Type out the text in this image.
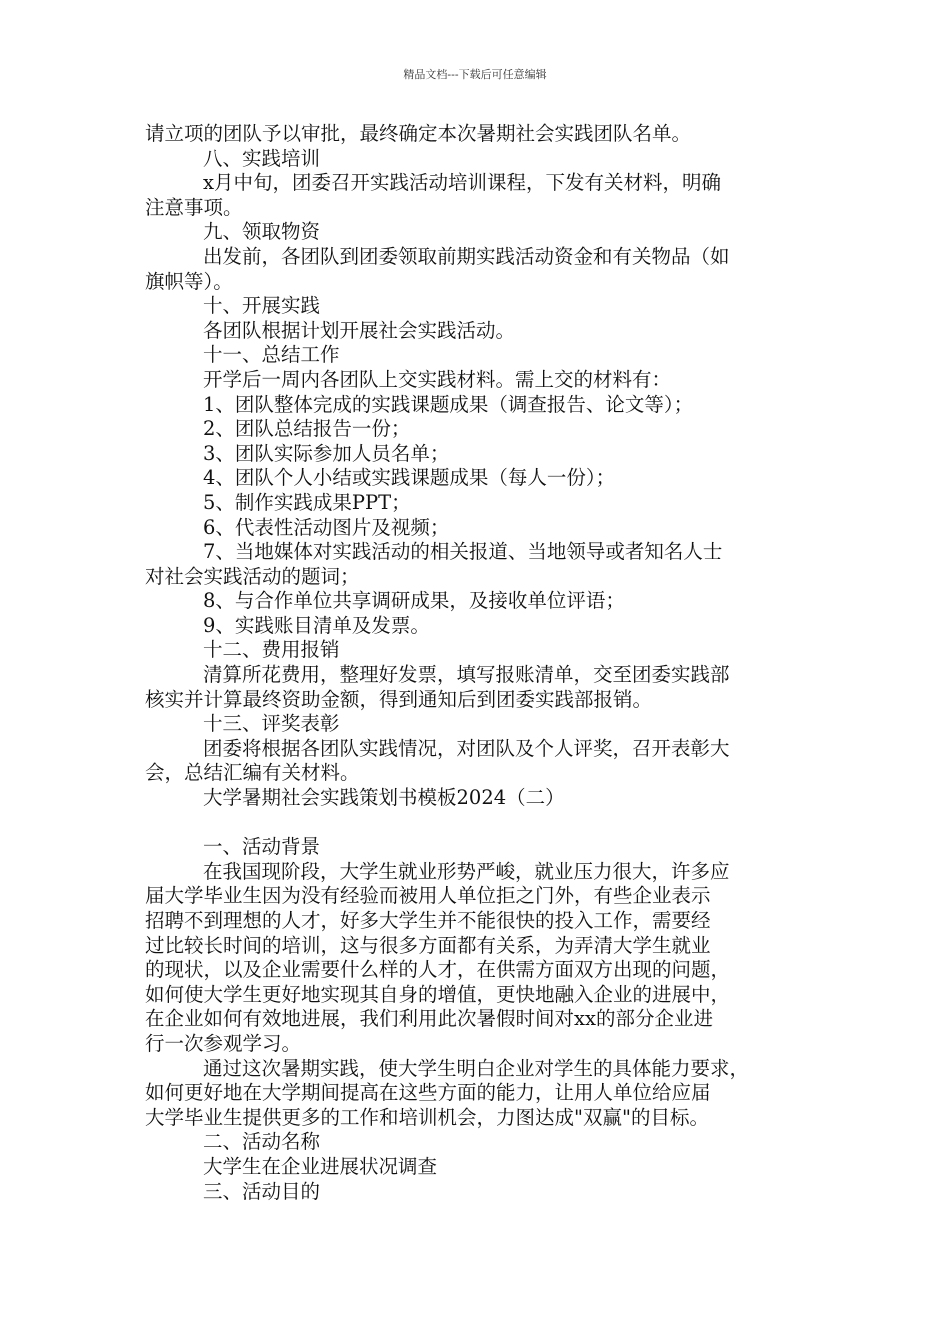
精品文档---下载后可任意编辑
请立项的团队予以审批，最终确定本次暑期社会实践团队名单。
八、实践培训
x月中旬，团委召开实践活动培训课程，下发有关材料，明确
注意事项。
九、领取物资
出发前，各团队到团委领取前期实践活动资金和有关物品（如
旗帜等）。
十、开展实践
各团队根据计划开展社会实践活动。
十一、总结工作
开学后一周内各团队上交实践材料。需上交的材料有：
1、团队整体完成的实践课题成果（调查报告、论文等）；
2、团队总结报告一份；
3、团队实际参加人员名单；
4、团队个人小结或实践课题成果（每人一份）；
5、制作实践成果PPT；
6、代表性活动图片及视频；
7、当地媒体对实践活动的相关报道、当地领导或者知名人士
对社会实践活动的题词；
8、与合作单位共享调研成果，及接收单位评语；
9、实践账目清单及发票。
十二、费用报销
清算所花费用，整理好发票，填写报账清单，交至团委实践部
核实并计算最终资助金额，得到通知后到团委实践部报销。
十三、评奖表彰
团委将根据各团队实践情况，对团队及个人评奖，召开表彰大
会，总结汇编有关材料。
大学暑期社会实践策划书模板2024（二）
一、活动背景
在我国现阶段，大学生就业形势严峻，就业压力很大，许多应
届大学毕业生因为没有经验而被用人单位拒之门外，有些企业表示
招聘不到理想的人才，好多大学生并不能很快的投入工作，需要经
过比较长时间的培训，这与很多方面都有关系，为弄清大学生就业
的现状，以及企业需要什么样的人才，在供需方面双方出现的问题，
如何使大学生更好地实现其自身的增值，更快地融入企业的进展中，
在企业如何有效地进展，我们利用此次暑假时间对xx的部分企业进
行一次参观学习。
通过这次暑期实践，使大学生明白企业对学生的具体能力要求，
如何更好地在大学期间提高在这些方面的能力，让用人单位给应届
大学毕业生提供更多的工作和培训机会，力图达成"双赢"的目标。
二、活动名称
大学生在企业进展状况调查
三、活动目的
